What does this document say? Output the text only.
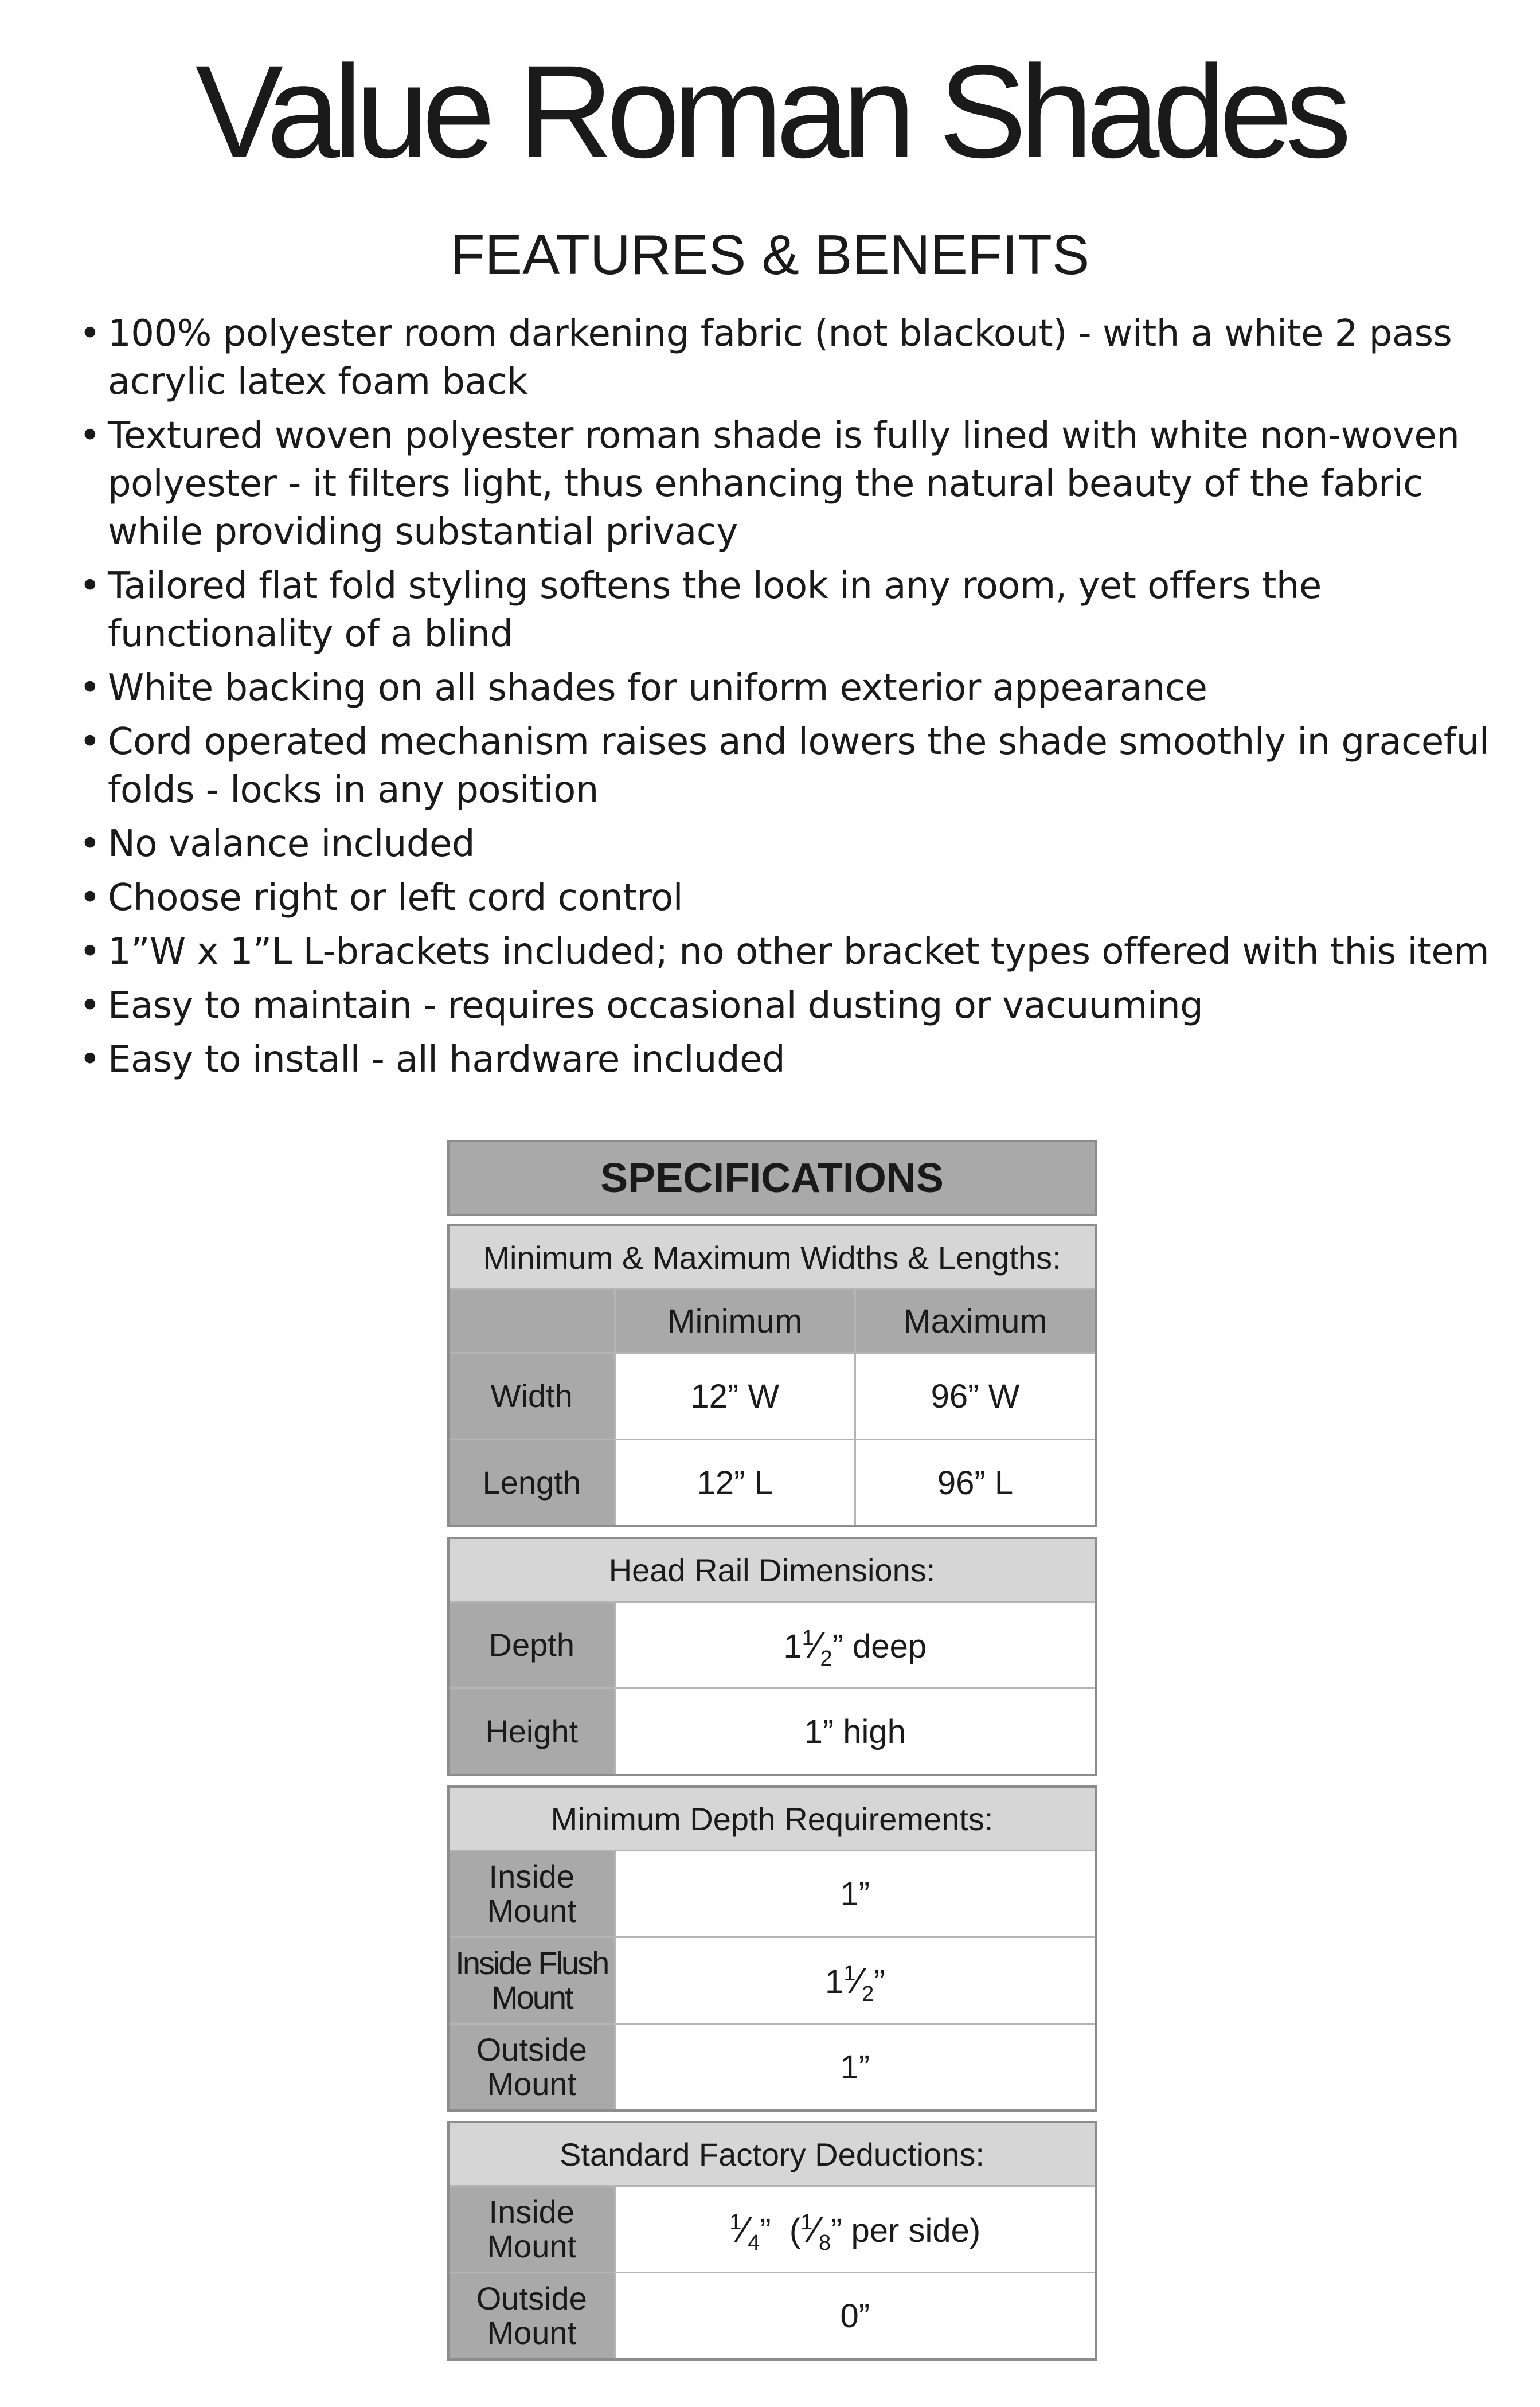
Value Roman Shades
FEATURES & BENEFITS
• 100% polyester room darkening fabric (not blackout) - with a white 2 pass acrylic latex foam back
• Textured woven polyester roman shade is fully lined with white non-woven polyester - it filters light, thus enhancing the natural beauty of the fabric while providing substantial privacy
• Tailored flat fold styling softens the look in any room, yet offers the functionality of a blind
• White backing on all shades for uniform exterior appearance
• Cord operated mechanism raises and lowers the shade smoothly in graceful folds - locks in any position
• No valance included
• Choose right or left cord control
• 1”W x 1”L L-brackets included; no other bracket types offered with this item
• Easy to maintain - requires occasional dusting or vacuuming
• Easy to install - all hardware included
SPECIFICATIONS
Minimum & Maximum Widths & Lengths:		
	Minimum	Maximum
Width	12” W	96” W
Length	12” L	96” L
Head Rail Dimensions:	
Depth	$1^1⁄_2$” deep
Height	1” high
Minimum Depth Requirements:	
Inside
Mount	1”
Inside Flush
Mount	$1^1⁄_2$”
Outside
Mount	1”
Standard Factory Deductions:	
Inside
Mount	$^1⁄_4$” ($^1⁄_8$” per side)
Outside
Mount	0”
